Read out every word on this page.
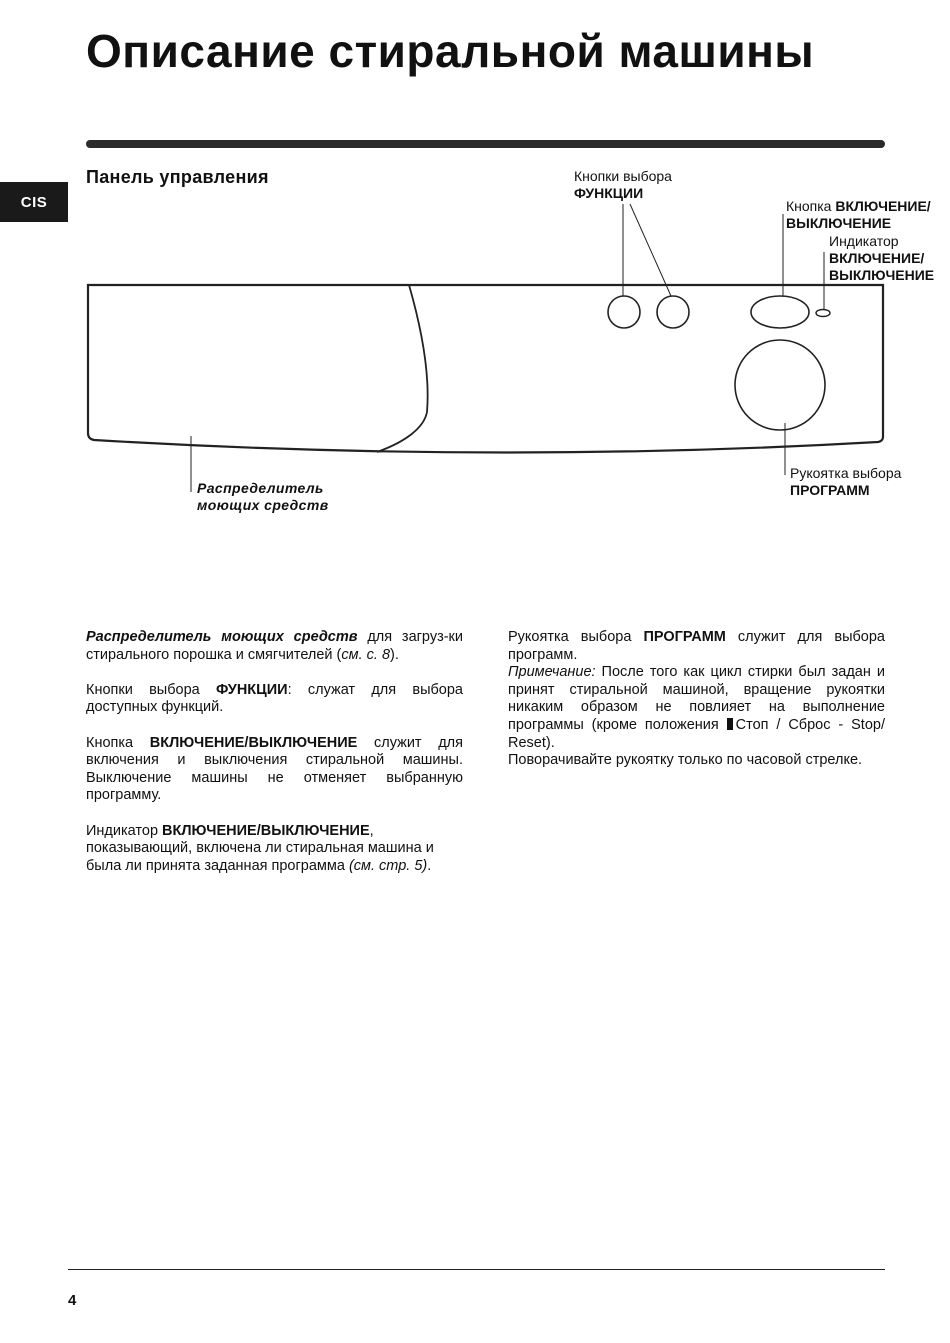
Описание стиральной машины
CIS
Панель управления	Кнопки выбора
ФУНКЦИИ
Кнопка ВКЛЮЧЕНИЕ/
ВЫКЛЮЧЕНИЕ
Индикатор
ВКЛЮЧЕНИЕ/
ВЫКЛЮЧЕНИЕ
Рукоятка выбора
ПРОГРАММ
Распределитель
моющих средств

Распределитель моющих средств для загруз-ки стирального порошка и смягчителей (см. с. 8).

Кнопки выбора ФУНКЦИИ: служат для выбора доступных функций.

Кнопка ВКЛЮЧЕНИЕ/ВЫКЛЮЧЕНИЕ служит для включения и выключения стиральной машины. Выключение машины не отменяет выбранную программу.

Индикатор ВКЛЮЧЕНИЕ/ВЫКЛЮЧЕНИЕ, показывающий, включена ли стиральная машина и была ли принята заданная программа (см. стр. 5).

Рукоятка выбора ПРОГРАММ служит для выбора программ.

Примечание: После того как цикл стирки был задан и принят стиральной машиной, вращение рукоятки никаким образом не повлияет на выполнение программы (кроме положения Стоп / Сброс - Stop/ Reset).

Поворачивайте рукоятку только по часовой стрелке.

4
